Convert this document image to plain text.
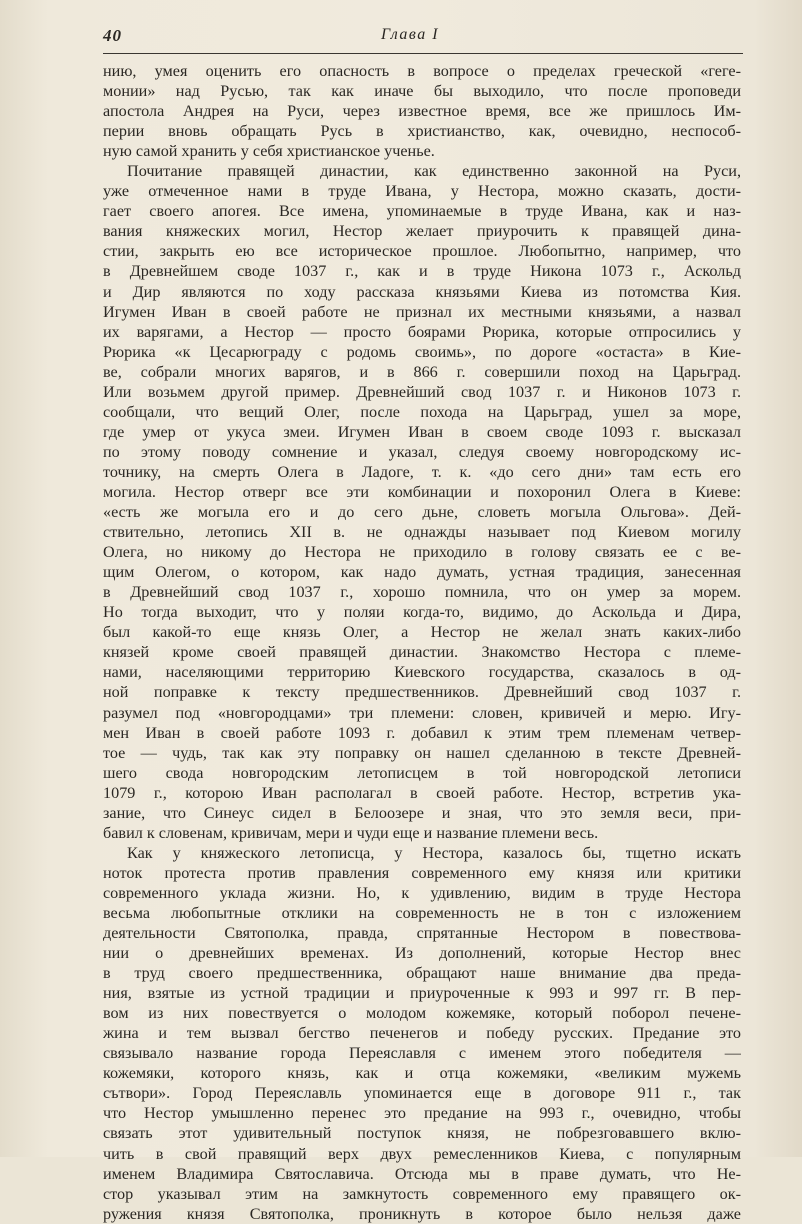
40	Глава I
нию, умея оценить его опасность в вопросе о пределах греческой «геге-
монии» над Русью, так как иначе бы выходило, что после проповеди
апостола Андрея на Руси, через известное время, все же пришлось Им-
перии вновь обращать Русь в христианство, как, очевидно, неспособ-
ную самой хранить у себя христианское ученье.
Почитание правящей династии, как единственно законной на Руси,
уже отмеченное нами в труде Ивана, у Нестора, можно сказать, дости-
гает своего апогея. Все имена, упоминаемые в труде Ивана, как и наз-
вания княжеских могил, Нестор желает приурочить к правящей дина-
стии, закрыть ею все историческое прошлое. Любопытно, например, что
в Древнейшем своде 1037 г., как и в труде Никона 1073 г., Аскольд
и Дир являются по ходу рассказа князьями Киева из потомства Кия.
Игумен Иван в своей работе не признал их местными князьями, а назвал
их варягами, а Нестор — просто боярами Рюрика, которые отпросились у
Рюрика «к Цесарюграду с родомь своимь», по дороге «остаста» в Кие-
ве, собрали многих варягов, и в 866 г. совершили поход на Царьград.
Или возьмем другой пример. Древнейший свод 1037 г. и Никонов 1073 г.
сообщали, что вещий Олег, после похода на Царьград, ушел за море,
где умер от укуса змеи. Игумен Иван в своем своде 1093 г. высказал
по этому поводу сомнение и указал, следуя своему новгородскому ис-
точнику, на смерть Олега в Ладоге, т. к. «до сего дни» там есть его
могила. Нестор отверг все эти комбинации и похоронил Олега в Киеве:
«есть же могыла его и до сего дьне, словеть могыла Ольгова». Дей-
ствительно, летопись XII в. не однажды называет под Киевом могилу
Олега, но никому до Нестора не приходило в голову связать ее с ве-
щим Олегом, о котором, как надо думать, устная традиция, занесенная
в Древнейший свод 1037 г., хорошо помнила, что он умер за морем.
Но тогда выходит, что у поляи когда-то, видимо, до Аскольда и Дира,
был какой-то еще князь Олег, а Нестор не желал знать каких-либо
князей кроме своей правящей династии. Знакомство Нестора с племе-
нами, населяющими территорию Киевского государства, сказалось в од-
ной поправке к тексту предшественников. Древнейший свод 1037 г.
разумел под «новгородцами» три племени: словен, кривичей и мерю. Игу-
мен Иван в своей работе 1093 г. добавил к этим трем племенам четвер-
тое — чудь, так как эту поправку он нашел сделанною в тексте Древней-
шего свода новгородским летописцем в той новгородской летописи
1079 г., которою Иван располагал в своей работе. Нестор, встретив ука-
зание, что Синеус сидел в Белоозере и зная, что это земля веси, при-
бавил к словенам, кривичам, мери и чуди еще и название племени весь.
Как у княжеского летописца, у Нестора, казалось бы, тщетно искать
ноток протеста против правления современного ему князя или критики
современного уклада жизни. Но, к удивлению, видим в труде Нестора
весьма любопытные отклики на современность не в тон с изложением
деятельности Святополка, правда, спрятанные Нестором в повествова-
нии о древнейших временах. Из дополнений, которые Нестор внес
в труд своего предшественника, обращают наше внимание два преда-
ния, взятые из устной традиции и приуроченные к 993 и 997 гг. В пер-
вом из них повествуется о молодом кожемяке, который поборол печене-
жина и тем вызвал бегство печенегов и победу русских. Предание это
связывало название города Переяславля с именем этого победителя —
кожемяки, которого князь, как и отца кожемяки, «великим мужемь
сътвори». Город Переяславль упоминается еще в договоре 911 г., так
что Нестор умышленно перенес это предание на 993 г., очевидно, чтобы
связать этот удивительный поступок князя, не побрезговавшего вклю-
чить в свой правящий верх двух ремесленников Киева, с популярным
именем Владимира Святославича. Отсюда мы в праве думать, что Не-
стор указывал этим на замкнутость современного ему правящего ок-
ружения князя Святополка, проникнуть в которое было нельзя даже
